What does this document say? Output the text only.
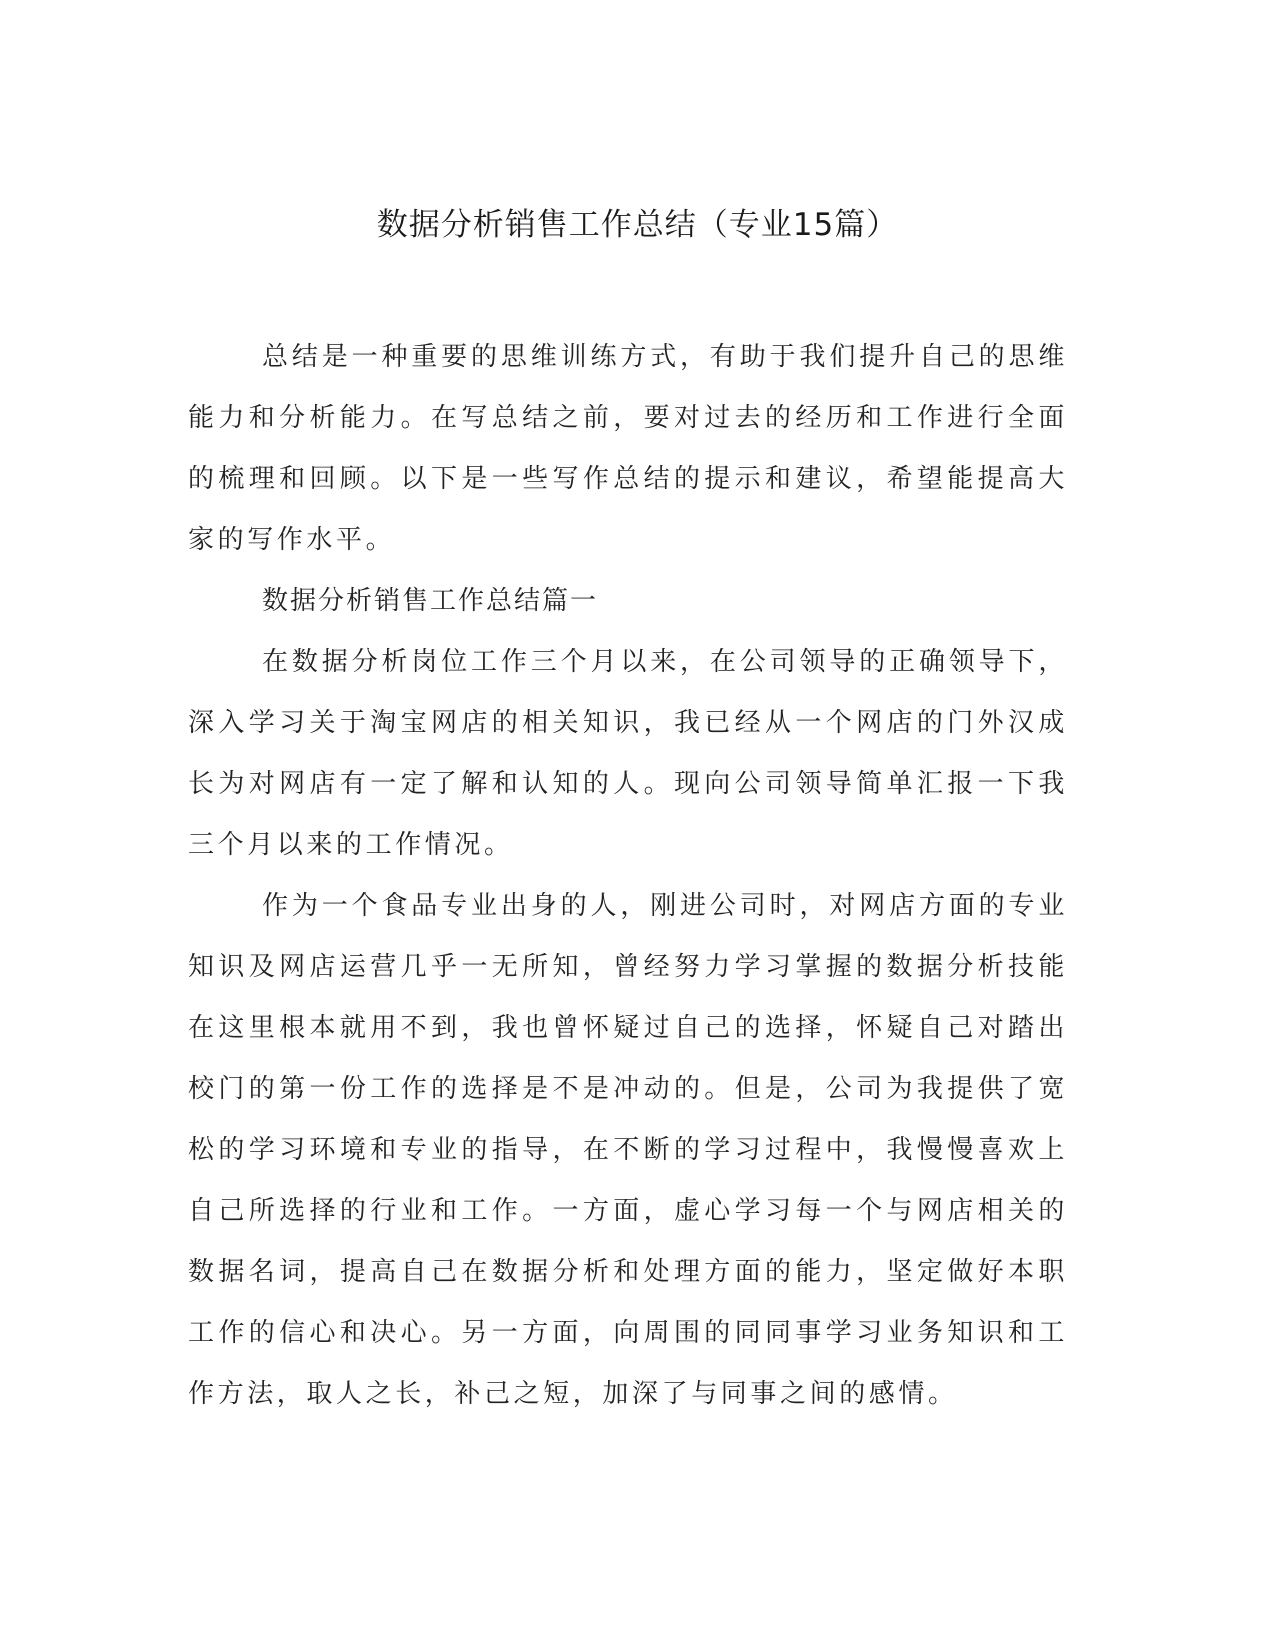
数据分析销售工作总结（专业15篇）

总结是一种重要的思维训练方式，有助于我们提升自己的思维能力和分析能力。在写总结之前，要对过去的经历和工作进行全面的梳理和回顾。以下是一些写作总结的提示和建议，希望能提高大家的写作水平。

数据分析销售工作总结篇一

在数据分析岗位工作三个月以来，在公司领导的正确领导下，深入学习关于淘宝网店的相关知识，我已经从一个网店的门外汉成长为对网店有一定了解和认知的人。现向公司领导简单汇报一下我三个月以来的工作情况。

作为一个食品专业出身的人，刚进公司时，对网店方面的专业知识及网店运营几乎一无所知，曾经努力学习掌握的数据分析技能在这里根本就用不到，我也曾怀疑过自己的选择，怀疑自己对踏出校门的第一份工作的选择是不是冲动的。但是，公司为我提供了宽松的学习环境和专业的指导，在不断的学习过程中，我慢慢喜欢上自己所选择的行业和工作。一方面，虚心学习每一个与网店相关的数据名词，提高自己在数据分析和处理方面的能力，坚定做好本职工作的信心和决心。另一方面，向周围的同同事学习业务知识和工作方法，取人之长，补己之短，加深了与同事之间的感情。
